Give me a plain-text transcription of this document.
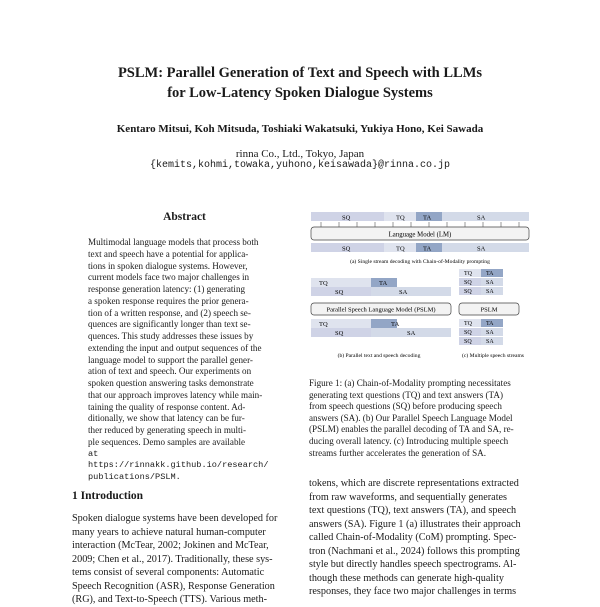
PSLM: Parallel Generation of Text and Speech with LLMs
for Low-Latency Spoken Dialogue Systems
Kentaro Mitsui, Koh Mitsuda, Toshiaki Wakatsuki, Yukiya Hono, Kei Sawada
rinna Co., Ltd., Tokyo, Japan
{kemits,kohmi,towaka,yuhono,keisawada}@rinna.co.jp
Abstract
Multimodal language models that process both
text and speech have a potential for applica-
tions in spoken dialogue systems. However,
current models face two major challenges in
response generation latency: (1) generating
a spoken response requires the prior genera-
tion of a written response, and (2) speech se-
quences are significantly longer than text se-
quences. This study addresses these issues by
extending the input and output sequences of the
language model to support the parallel gener-
ation of text and speech. Our experiments on
spoken question answering tasks demonstrate
that our approach improves latency while main-
taining the quality of response content. Ad-
ditionally, we show that latency can be fur-
ther reduced by generating speech in multi-
ple sequences. Demo samples are available
at https://rinnakk.github.io/research/
publications/PSLM.
SQ	TQ	TA	SA
Language Model (LM)
SQ	TQ	TA	SA
(a) Single stream decoding with Chain-of-Modality prompting
TQ	TA
SQ	SA
Parallel Speech Language Model (PSLM)
TQ	TA
SQ	SA
(b) Parallel text and speech decoding
TQ TA
SQ SA
SQ SA
PSLM
TQ TA
SQ SA
SQ SA
(c) Multiple speech streams
Figure 1: (a) Chain-of-Modality prompting necessitates
generating text questions (TQ) and text answers (TA)
from speech questions (SQ) before producing speech
answers (SA). (b) Our Parallel Speech Language Model
(PSLM) enables the parallel decoding of TA and SA, re-
ducing overall latency. (c) Introducing multiple speech
streams further accelerates the generation of SA.
1 Introduction
Spoken dialogue systems have been developed for
many years to achieve natural human-computer
interaction (McTear, 2002; Jokinen and McTear,
2009; Chen et al., 2017). Traditionally, these sys-
tems consist of several components: Automatic
Speech Recognition (ASR), Response Generation
(RG), and Text-to-Speech (TTS). Various meth-
tokens, which are discrete representations extracted
from raw waveforms, and sequentially generates
text questions (TQ), text answers (TA), and speech
answers (SA). Figure 1 (a) illustrates their approach
called Chain-of-Modality (CoM) prompting. Spec-
tron (Nachmani et al., 2024) follows this prompting
style but directly handles speech spectrograms. Al-
though these methods can generate high-quality
responses, they face two major challenges in terms
